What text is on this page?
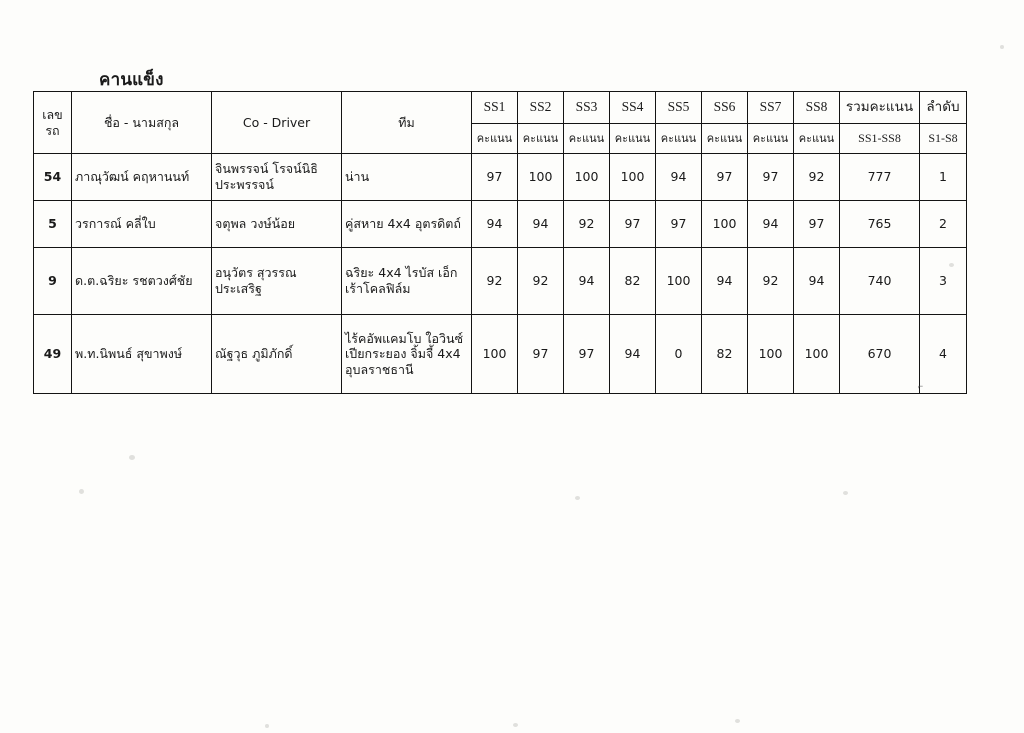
คานแข็ง
เลขรถ	ชื่อ - นามสกุล	Co - Driver	ทีม	SS1	SS2	SS3	SS4	SS5	SS6	SS7	SS8	รวมคะแนน	ลำดับ
				คะแนน	คะแนน	คะแนน	คะแนน	คะแนน	คะแนน	คะแนน	คะแนน	SS1-SS8	S1-S8
54	ภาณุวัฒน์ คฤหานนท์	จินพรรจน์ โรจน์นิธิประพรรจน์	น่าน	97	100	100	100	94	97	97	92	777	1
5	วรการณ์ คลี่ใบ	จตุพล วงษ์น้อย	คู่สหาย 4x4 อุตรดิตถ์	94	94	92	97	97	100	94	97	765	2
9	ด.ต.ฉริยะ รชตวงศ์ชัย	อนุวัตร สุวรรณประเสริฐ	ฉริยะ 4x4 ไรบัส เอ็กเร้าโคลฟิล์ม	92	92	94	82	100	94	92	94	740	3
49	พ.ท.นิพนธ์ สุขาพงษ์	ณัฐวุธ ภูมิภักดิ์	ไร้คอัพแคมโบ ใอวินซ์ เปียกระยอง จิ้มจี้ 4x4 อุบลราชธานี	100	97	97	94	0	82	100	100	670	4
⌐
